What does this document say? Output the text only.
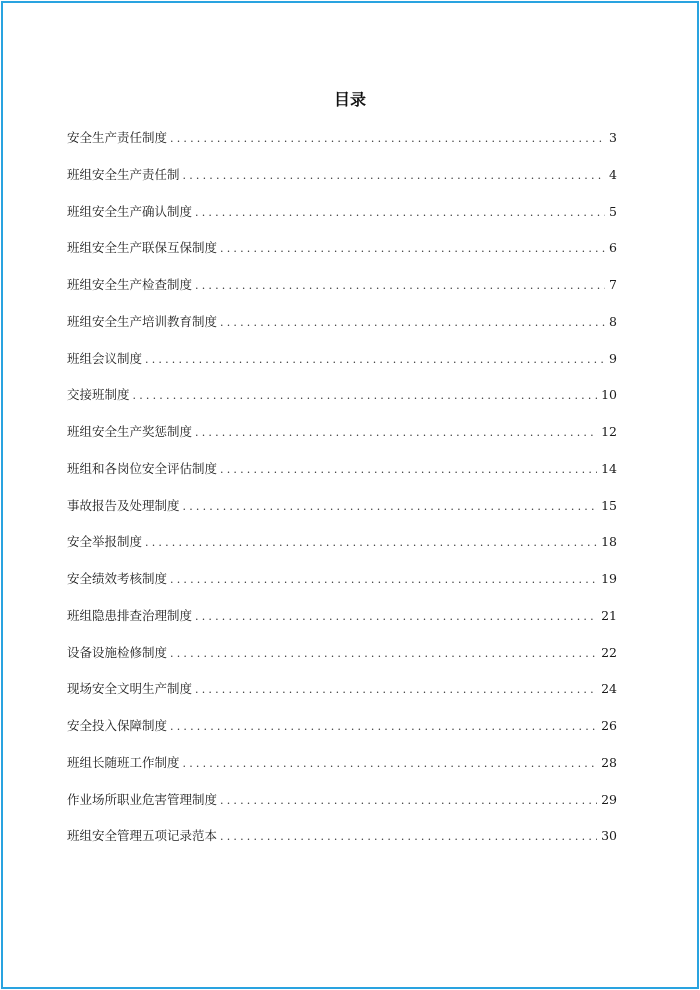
目录
安全生产责任制度 .....	3
班组安全生产责任制 .....	4
班组安全生产确认制度 .....	5
班组安全生产联保互保制度 .....	6
班组安全生产检查制度 .....	7
班组安全生产培训教育制度 .....	8
班组会议制度 .....	9
交接班制度 .....	10
班组安全生产奖惩制度 .....	12
班组和各岗位安全评估制度 .....	14
事故报告及处理制度 .....	15
安全举报制度 .....	18
安全绩效考核制度 .....	19
班组隐患排查治理制度 .....	21
设备设施检修制度 .....	22
现场安全文明生产制度 .....	24
安全投入保障制度 .....	26
班组长随班工作制度 .....	28
作业场所职业危害管理制度 .....	29
班组安全管理五项记录范本 .....	30
